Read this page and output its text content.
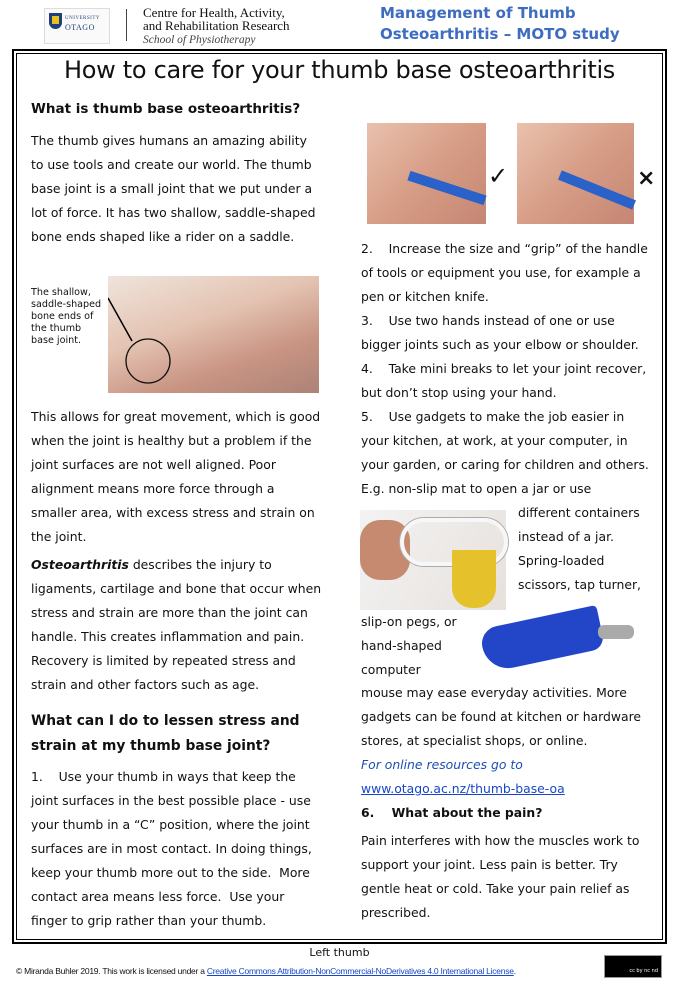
UNIVERSITY
OTAGO
Centre for Health, Activity,
and Rehabilitation Research
School of Physiotherapy
Management of Thumb
Osteoarthritis – MOTO study
How to care for your thumb base osteoarthritis
What is thumb base osteoarthritis?
The thumb gives humans an amazing ability to use tools and create our world. The thumb base joint is a small joint that we put under a lot of force. It has two shallow, saddle-shaped bone ends shaped like a rider on a saddle.
The shallow, saddle-shaped bone ends of the thumb base joint.
This allows for great movement, which is good when the joint is healthy but a problem if the joint surfaces are not well aligned. Poor alignment means more force through a smaller area, with excess stress and strain on the joint.
Osteoarthritis describes the injury to ligaments, cartilage and bone that occur when stress and strain are more than the joint can handle. This creates inflammation and pain. Recovery is limited by repeated stress and strain and other factors such as age.
What can I do to lessen stress and strain at my thumb base joint?
1.    Use your thumb in ways that keep the joint surfaces in the best possible place - use your thumb in a “C” position, where the joint surfaces are in most contact. In doing things, keep your thumb more out to the side.  More contact area means less force.  Use your finger to grip rather than your thumb.
✓	×
2.    Increase the size and “grip” of the handle of tools or equipment you use, for example a pen or kitchen knife.
3.    Use two hands instead of one or use bigger joints such as your elbow or shoulder.
4.    Take mini breaks to let your joint recover, but don’t stop using your hand.
5.    Use gadgets to make the job easier in your kitchen, at work, at your computer, in your garden, or caring for children and others.  E.g. non-slip mat to open a jar or use
different containers instead of a jar. Spring-loaded scissors, tap turner,
slip-on pegs, or hand-shaped computer
mouse may ease everyday activities. More gadgets can be found at kitchen or hardware stores, at specialist shops, or online.
For online resources go to
www.otago.ac.nz/thumb-base-oa
6.    What about the pain?
Pain interferes with how the muscles work to support your joint. Less pain is better. Try gentle heat or cold. Take your pain relief as prescribed.
Left thumb
© Miranda Buhler 2019. This work is licensed under a Creative Commons Attribution-NonCommercial-NoDerivatives 4.0 International License.	cc by nc nd
